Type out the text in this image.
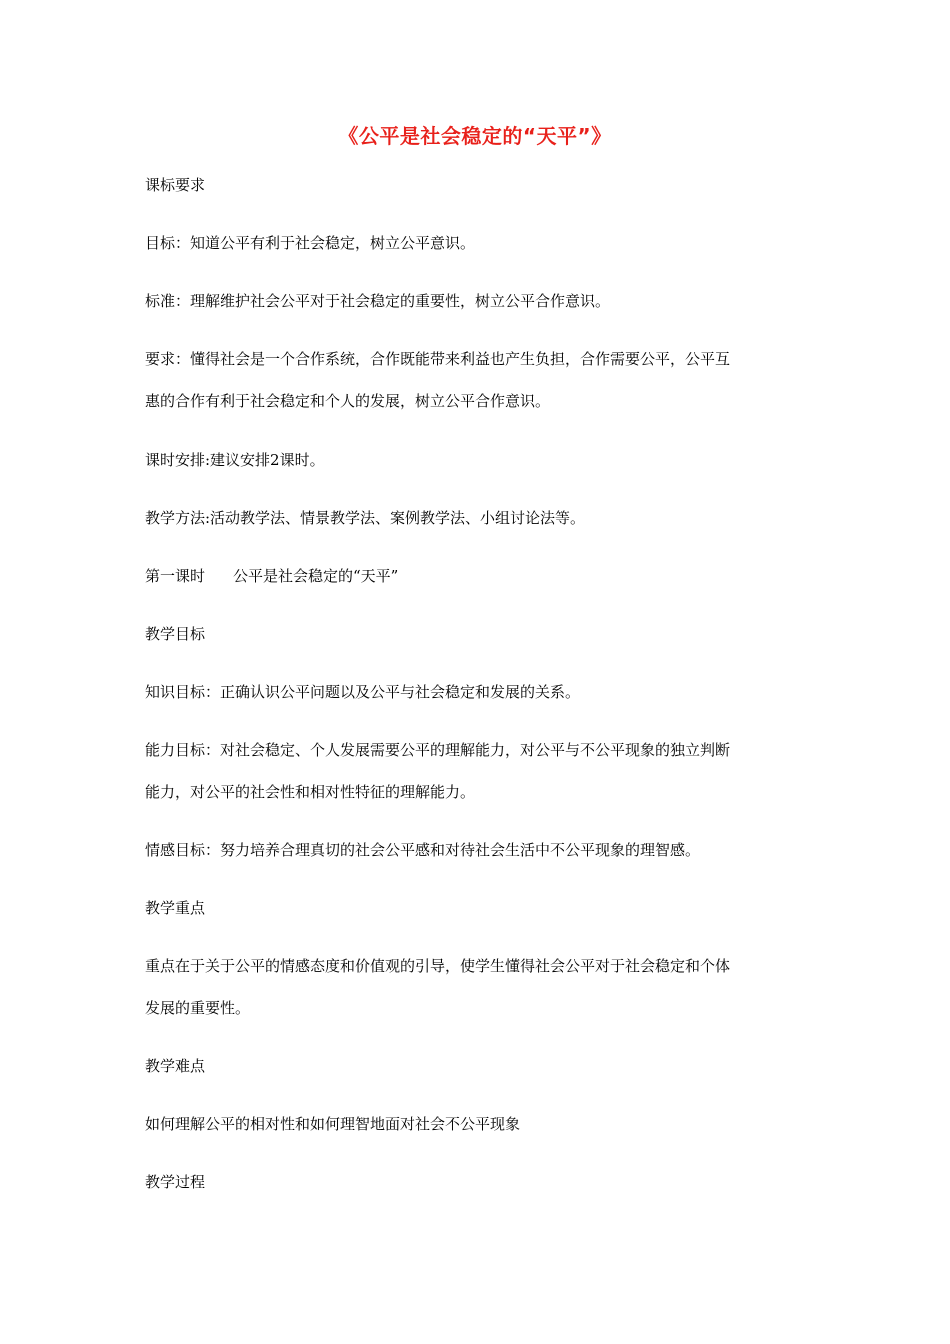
《公平是社会稳定的“天平”》
课标要求
目标：知道公平有利于社会稳定，树立公平意识。
标准：理解维护社会公平对于社会稳定的重要性，树立公平合作意识。
要求：懂得社会是一个合作系统，合作既能带来利益也产生负担，合作需要公平，公平互
惠的合作有利于社会稳定和个人的发展，树立公平合作意识。
课时安排:建议安排2课时。
教学方法:活动教学法、情景教学法、案例教学法、小组讨论法等。
第一课时 公平是社会稳定的“天平”
教学目标
知识目标：正确认识公平问题以及公平与社会稳定和发展的关系。
能力目标：对社会稳定、个人发展需要公平的理解能力，对公平与不公平现象的独立判断
能力，对公平的社会性和相对性特征的理解能力。
情感目标：努力培养合理真切的社会公平感和对待社会生活中不公平现象的理智感。
教学重点
重点在于关于公平的情感态度和价值观的引导，使学生懂得社会公平对于社会稳定和个体
发展的重要性。
教学难点
如何理解公平的相对性和如何理智地面对社会不公平现象
教学过程
